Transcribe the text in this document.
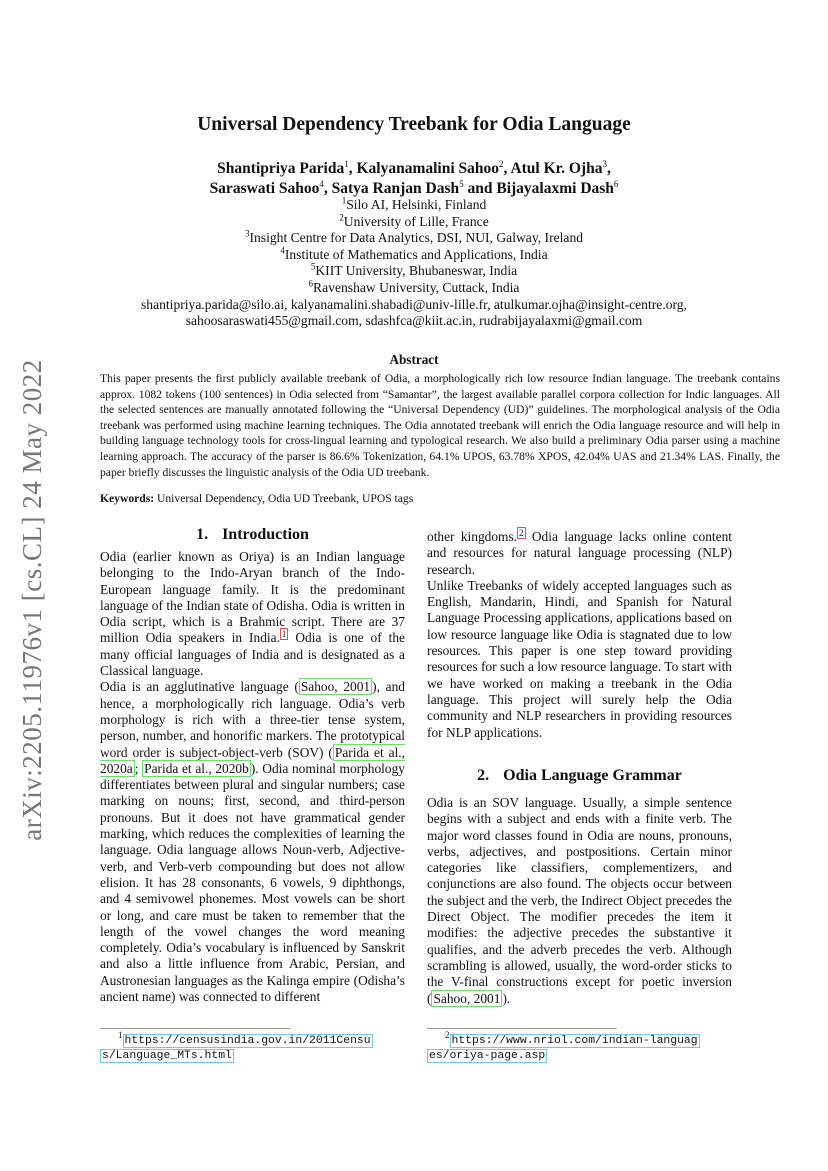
arXiv:2205.11976v1 [cs.CL] 24 May 2022
Universal Dependency Treebank for Odia Language
Shantipriya Parida$^1$, Kalyanamalini Sahoo$^2$, Atul Kr. Ojha$^3$,
Saraswati Sahoo$^4$, Satya Ranjan Dash$^5$ and Bijayalaxmi Dash$^6$
$^1$Silo AI, Helsinki, Finland
$^2$University of Lille, France
$^3$Insight Centre for Data Analytics, DSI, NUI, Galway, Ireland
$^4$Institute of Mathematics and Applications, India
$^5$KIIT University, Bhubaneswar, India
$^6$Ravenshaw University, Cuttack, India
shantipriya.parida@silo.ai, kalyanamalini.shabadi@univ-lille.fr, atulkumar.ojha@insight-centre.org,
sahoosaraswati455@gmail.com, sdashfca@kiit.ac.in, rudrabijayalaxmi@gmail.com
Abstract
This paper presents the first publicly available treebank of Odia, a morphologically rich low resource Indian language. The treebank contains approx. 1082 tokens (100 sentences) in Odia selected from “Samantar”, the largest available parallel corpora collection for Indic languages. All the selected sentences are manually annotated following the “Universal Dependency (UD)” guidelines. The morphological analysis of the Odia treebank was performed using machine learning techniques. The Odia annotated treebank will enrich the Odia language resource and will help in building language technology tools for cross-lingual learning and typological research. We also build a preliminary Odia parser using a machine learning approach. The accuracy of the parser is 86.6% Tokenization, 64.1% UPOS, 63.78% XPOS, 42.04% UAS and 21.34% LAS. Finally, the paper briefly discusses the linguistic analysis of the Odia UD treebank.
Keywords: Universal Dependency, Odia UD Treebank, UPOS tags
1. Introduction
Odia (earlier known as Oriya) is an Indian language belonging to the Indo-Aryan branch of the Indo-European language family. It is the predominant language of the Indian state of Odisha. Odia is written in Odia script, which is a Brahmic script. There are 37 million Odia speakers in India. $^1$ Odia is one of the many official languages of India and is designated as a Classical language.
Odia is an agglutinative language ( Sahoo, 2001 ), and hence, a morphologically rich language. Odia’s verb morphology is rich with a three-tier tense system, person, number, and honorific markers. The prototypical word order is subject-object-verb (SOV) ( Parida et al., 2020a ; Parida et al., 2020b ). Odia nominal morphology differentiates between plural and singular numbers; case marking on nouns; first, second, and third-person pronouns. But it does not have grammatical gender marking, which reduces the complexities of learning the language. Odia language allows Noun-verb, Adjective-verb, and Verb-verb compounding but does not allow elision. It has 28 consonants, 6 vowels, 9 diphthongs, and 4 semivowel phonemes. Most vowels can be short or long, and care must be taken to remember that the length of the vowel changes the word meaning completely. Odia’s vocabulary is influenced by Sanskrit and also a little influence from Arabic, Persian, and Austronesian languages as the Kalinga empire (Odisha’s ancient name) was connected to different
other kingdoms. $^2$ Odia language lacks online content and resources for natural language processing (NLP) research.
Unlike Treebanks of widely accepted languages such as English, Mandarin, Hindi, and Spanish for Natural Language Processing applications, applications based on low resource language like Odia is stagnated due to low resources. This paper is one step toward providing resources for such a low resource language. To start with we have worked on making a treebank in the Odia language. This project will surely help the Odia community and NLP researchers in providing resources for NLP applications.
2. Odia Language Grammar
Odia is an SOV language. Usually, a simple sentence begins with a subject and ends with a finite verb. The major word classes found in Odia are nouns, pronouns, verbs, adjectives, and postpositions. Certain minor categories like classifiers, complementizers, and conjunctions are also found. The objects occur between the subject and the verb, the Indirect Object precedes the Direct Object. The modifier precedes the item it modifies: the adjective precedes the substantive it qualifies, and the adverb precedes the verb. Although scrambling is allowed, usually, the word-order sticks to the V-final constructions except for poetic inversion ( Sahoo, 2001 ).
$^1$ https://censusindia.gov.in/2011Censu
s/Language_MTs.html
$^2$ https://www.nriol.com/indian-languag
es/oriya-page.asp
